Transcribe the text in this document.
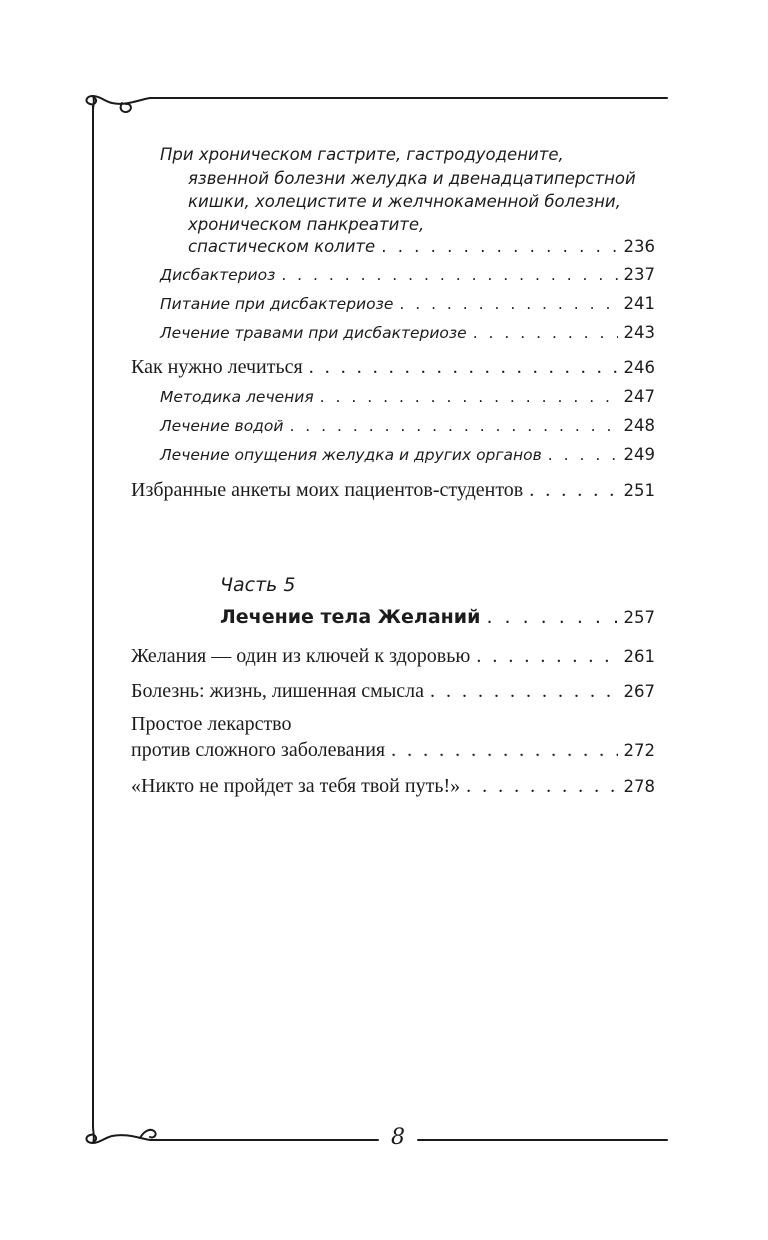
При хроническом гастрите, гастродуодените,
язвенной болезни желудка и двенадцатиперстной
кишки, холецистите и желчнокаменной болезни,
хроническом панкреатите,
спастическом колите . . .	236
Дисбактериоз . . .	237
Питание при дисбактериозе . . .	241
Лечение травами при дисбактериозе . . .	243
Как нужно лечиться . . .	246
Методика лечения . . .	247
Лечение водой . . .	248
Лечение опущения желудка и других органов . . .	249
Избранные анкеты моих пациентов-студентов . . .	251
Часть 5
Лечение тела Желаний . . .	257
Желания — один из ключей к здоровью . . .	261
Болезнь: жизнь, лишенная смысла . . .	267
Простое лекарство
против сложного заболевания . . .	272
«Никто не пройдет за тебя твой путь!» . . .	278
8
